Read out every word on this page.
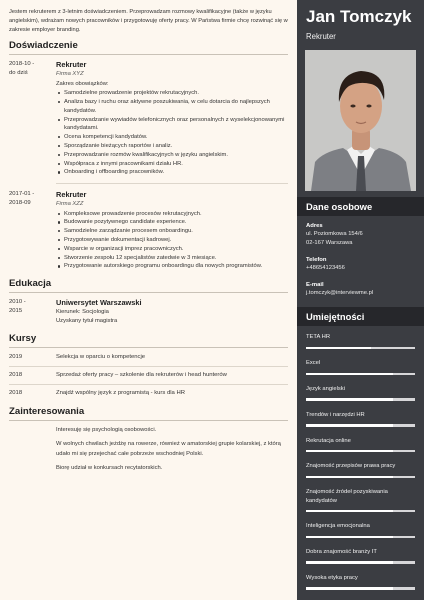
Jestem rekruterem z 3-letnim doświadczeniem. Przeprowadzam rozmowy kwalifikacyjne (także w języku angielskim), wdrażam nowych pracowników i przygotowuję oferty pracy. W Państwa firmie chcę rozwinąć się w zakresie employer branding.

Doświadczenie
2018-10 -
do dziś
Rekruter
Firma XYZ
Zakres obowiązków:
Samodzielne prowadzenie projektów rekrutacyjnych.
Analiza bazy i ruchu oraz aktywne poszukiwania, w celu dotarcia do najlepszych kandydatów.
Przeprowadzanie wywiadów telefonicznych oraz personalnych z wyselekcjonowanymi kandydatami.
Ocena kompetencji kandydatów.
Sporządzanie bieżących raportów i analiz.
Przeprowadzanie rozmów kwalifikacyjnych w języku angielskim.
Współpraca z innymi pracownikami działu HR.
Onboarding i offboarding pracowników.
2017-01 -
2018-09
Rekruter
Firma XZZ
Kompleksowe prowadzenie procesów rekrutacyjnych.
Budowanie pozytywnego candidate experience.
Samodzielne zarządzanie procesem onboardingu.
Przygotowywanie dokumentacji kadrowej.
Wsparcie w organizacji imprez pracowniczych.
Stworzenie zespołu 12 specjalistów zatedwie w 3 miesiące.
Przygotowanie autorskiego programu onboardingu dla nowych programistów.
Edukacja
2010 -
2015
Uniwersytet Warszawski
Kierunek: Socjologia
Uzyskany tytuł magistra
Kursy
2019	Selekcja w oparciu o kompetencje
2018	Sprzedaż oferty pracy – szkolenie dla rekruterów i head hunterów
2018	Znajdź wspólny język z programistą - kurs dla HR
Zainteresowania

Interesuję się psychologią osobowości.

W wolnych chwilach jeżdżę na rowerze, również w amatorskiej grupie kolarskiej, z którą udało mi się przejechać całe pobrzeże wschodniej Polski.

Biorę udział w konkursach recytatorskich.

Jan Tomczyk
Rekruter
Dane osobowe
Adres
ul. Poziomkowa 154/6
02-167 Warszawa
Telefon
+48654123456
E-mail
j.tomczyk@interviewme.pl
Umiejętności
TETA HR
Excel
Język angielski
Trendów i narzędzi HR
Rekrutacja online
Znajomość przepisów prawa pracy
Znajomość źródeł pozyskiwania kandydatów
Inteligencja emocjonalna
Dobra znajomość branży IT
Wysoka etyka pracy
